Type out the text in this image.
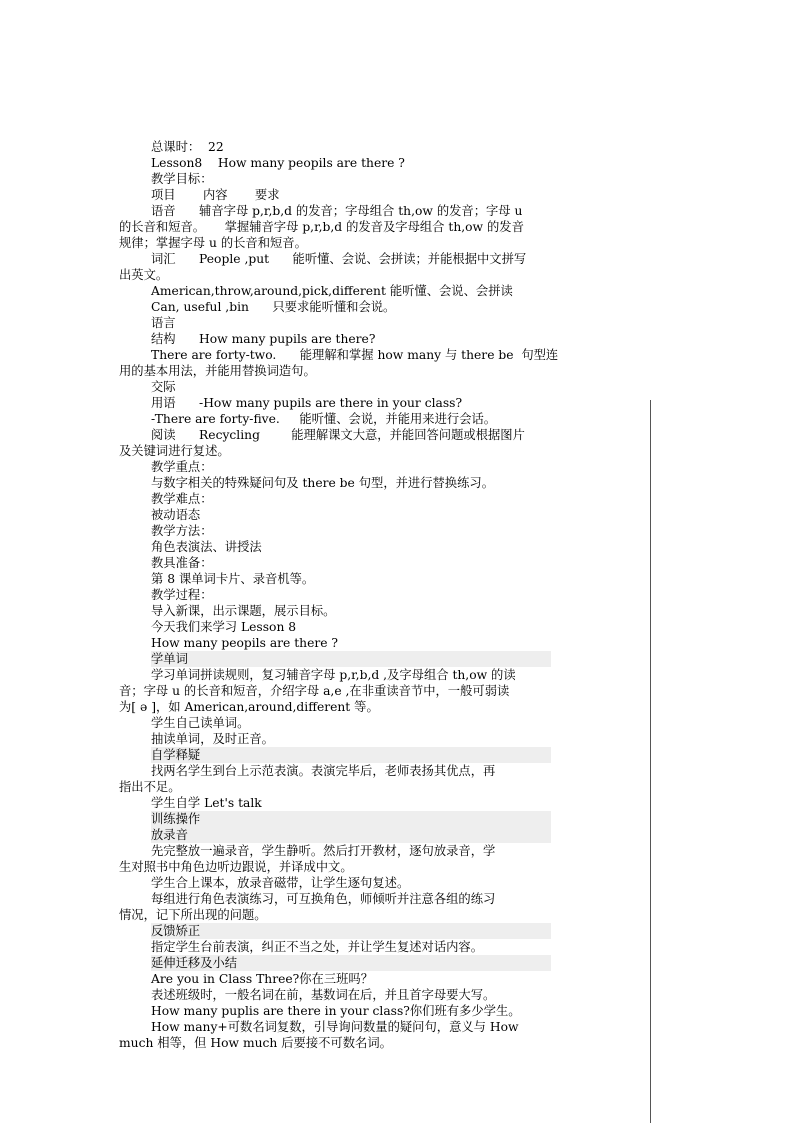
总课时：  22
Lesson8    How many peopils are there ?
教学目标：
项目       内容       要求
语音      辅音字母 p,r,b,d 的发音；字母组合 th,ow 的发音；字母 u
的长音和短音。     掌握辅音字母 p,r,b,d 的发音及字母组合 th,ow 的发音
规律；掌握字母 u 的长音和短音。
词汇      People ,put      能听懂、会说、会拼读；并能根据中文拼写
出英文。
American,throw,around,pick,different 能听懂、会说、会拼读
Can, useful ,bin      只要求能听懂和会说。
语言
结构      How many pupils are there?
There are forty-two.      能理解和掌握 how many 与 there be  句型连
用的基本用法，并能用替换词造句。
交际
用语      -How many pupils are there in your class?
-There are forty-five.     能听懂、会说，并能用来进行会话。
阅读      Recycling        能理解课文大意，并能回答问题或根据图片
及关键词进行复述。
教学重点：
与数字相关的特殊疑问句及 there be 句型，并进行替换练习。
教学难点：
被动语态
教学方法：
角色表演法、讲授法
教具准备：
第 8 课单词卡片、录音机等。
教学过程：
导入新课，出示课题，展示目标。
今天我们来学习 Lesson 8
How many peopils are there ?
学单词
学习单词拼读规则，复习辅音字母 p,r,b,d ,及字母组合 th,ow 的读
音；字母 u 的长音和短音，介绍字母 a,e ,在非重读音节中，一般可弱读
为[ ə ]，如 American,around,different 等。
学生自己读单词。
抽读单词，及时正音。
自学释疑
找两名学生到台上示范表演。表演完毕后，老师表扬其优点，再
指出不足。
学生自学 Let's talk
训练操作
放录音
先完整放一遍录音，学生静听。然后打开教材，逐句放录音，学
生对照书中角色边听边跟说，并译成中文。
学生合上课本，放录音磁带，让学生逐句复述。
每组进行角色表演练习，可互换角色，师倾听并注意各组的练习
情况，记下所出现的问题。
反馈矫正
指定学生台前表演，纠正不当之处，并让学生复述对话内容。
延伸迁移及小结
Are you in Class Three?你在三班吗？
表述班级时，一般名词在前，基数词在后，并且首字母要大写。
How many puplis are there in your class?你们班有多少学生。
How many+可数名词复数，引导询问数量的疑问句，意义与 How
much 相等，但 How much 后要接不可数名词。
